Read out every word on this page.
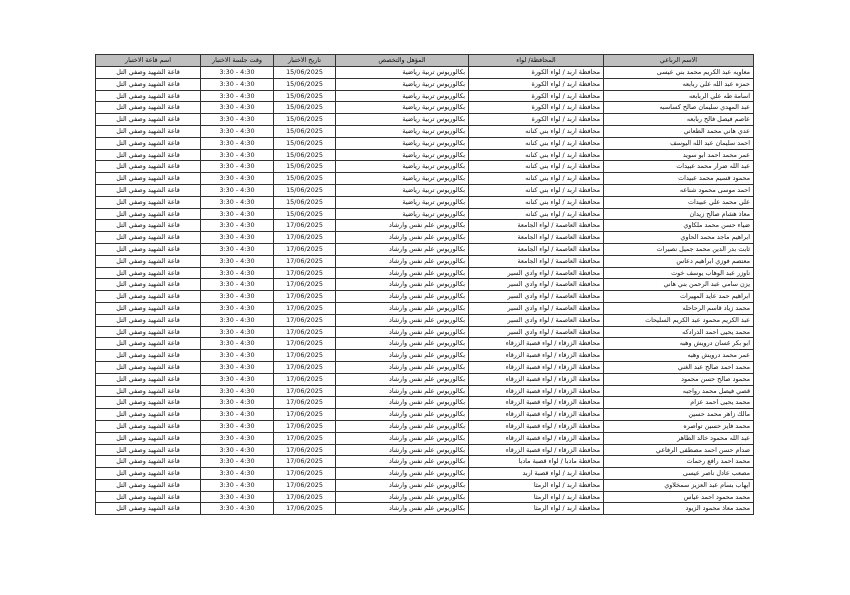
الاسم الرباعي	المحافظة/ لواء	المؤهل والتخصص	تاريخ الاختبار	وقت جلسة الاختبار	اسم قاعة الاختبار
معاويه عبد الكريم محمد بني عيسى	محافظة اربد / لواء الكورة	بكالوريوس تربية رياضية	15/06/2025	3:30 - 4:30	قاعة الشهيد وصفي التل
حمزه عبد الله علي ربابعه	محافظة اربد / لواء الكورة	بكالوريوس تربية رياضية	15/06/2025	3:30 - 4:30	قاعة الشهيد وصفي التل
اسامة طه علي الربابعه	محافظة اربد / لواء الكورة	بكالوريوس تربية رياضية	15/06/2025	3:30 - 4:30	قاعة الشهيد وصفي التل
عبد المهدي سليمان صالح كساسبه	محافظة اربد / لواء الكورة	بكالوريوس تربية رياضية	15/06/2025	3:30 - 4:30	قاعة الشهيد وصفي التل
عاصم فيصل فالح ربابعه	محافظة اربد / لواء الكورة	بكالوريوس تربية رياضية	15/06/2025	3:30 - 4:30	قاعة الشهيد وصفي التل
عدي هاني محمد الطعاني	محافظة اربد / لواء بني كنانه	بكالوريوس تربية رياضية	15/06/2025	3:30 - 4:30	قاعة الشهيد وصفي التل
احمد سليمان عبد الله اليوسف	محافظة اربد / لواء بني كنانه	بكالوريوس تربية رياضية	15/06/2025	3:30 - 4:30	قاعة الشهيد وصفي التل
عمر محمد احمد ابو سويد	محافظة اربد / لواء بني كنانه	بكالوريوس تربية رياضية	15/06/2025	3:30 - 4:30	قاعة الشهيد وصفي التل
عبد الله ضرار محمد عبيدات	محافظة اربد / لواء بني كنانه	بكالوريوس تربية رياضية	15/06/2025	3:30 - 4:30	قاعة الشهيد وصفي التل
محمود قسيم محمد عبيدات	محافظة اربد / لواء بني كنانه	بكالوريوس تربية رياضية	15/06/2025	3:30 - 4:30	قاعة الشهيد وصفي التل
احمد موسى محمود شناعه	محافظة اربد / لواء بني كنانه	بكالوريوس تربية رياضية	15/06/2025	3:30 - 4:30	قاعة الشهيد وصفي التل
علي محمد علي عبيدات	محافظة اربد / لواء بني كنانه	بكالوريوس تربية رياضية	15/06/2025	3:30 - 4:30	قاعة الشهيد وصفي التل
معاذ هشام صالح زيدان	محافظة اربد / لواء بني كنانه	بكالوريوس تربية رياضية	15/06/2025	3:30 - 4:30	قاعة الشهيد وصفي التل
ضياء حسن محمد ملكاوي	محافظة العاصمة / لواء الجامعة	بكالوريوس علم نفس وارشاد	17/06/2025	3:30 - 4:30	قاعة الشهيد وصفي التل
ابراهيم ماجد محمد الحاوي	محافظة العاصمة / لواء الجامعة	بكالوريوس علم نفس وارشاد	17/06/2025	3:30 - 4:30	قاعة الشهيد وصفي التل
ثابت بدر الدين محمد جميل نصيرات	محافظة العاصمة / لواء الجامعة	بكالوريوس علم نفس وارشاد	17/06/2025	3:30 - 4:30	قاعة الشهيد وصفي التل
معتصم فوزي ابراهيم دعاس	محافظة العاصمة / لواء الجامعة	بكالوريوس علم نفس وارشاد	17/06/2025	3:30 - 4:30	قاعة الشهيد وصفي التل
ناوزر عبد الوهاب يوسف خوت	محافظة العاصمة / لواء وادي السير	بكالوريوس علم نفس وارشاد	17/06/2025	3:30 - 4:30	قاعة الشهيد وصفي التل
يزن سامي عبد الرحمن بني هاني	محافظة العاصمة / لواء وادي السير	بكالوريوس علم نفس وارشاد	17/06/2025	3:30 - 4:30	قاعة الشهيد وصفي التل
ابراهيم حمد عايد المهيرات	محافظة العاصمة / لواء وادي السير	بكالوريوس علم نفس وارشاد	17/06/2025	3:30 - 4:30	قاعة الشهيد وصفي التل
محمد زياد قاسم الرحاحله	محافظة العاصمة / لواء وادي السير	بكالوريوس علم نفس وارشاد	17/06/2025	3:30 - 4:30	قاعة الشهيد وصفي التل
عبد الكريم محمود عبد الكريم السليحات	محافظة العاصمة / لواء وادي السير	بكالوريوس علم نفس وارشاد	17/06/2025	3:30 - 4:30	قاعة الشهيد وصفي التل
محمد يحيى احمد الدرادكه	محافظة العاصمة / لواء وادي السير	بكالوريوس علم نفس وارشاد	17/06/2025	3:30 - 4:30	قاعة الشهيد وصفي التل
ابو بكر غسان درويش وهبه	محافظة الزرقاء / لواء قصبة الزرقاء	بكالوريوس علم نفس وارشاد	17/06/2025	3:30 - 4:30	قاعة الشهيد وصفي التل
عمر محمد درويش وهبه	محافظة الزرقاء / لواء قصبة الزرقاء	بكالوريوس علم نفس وارشاد	17/06/2025	3:30 - 4:30	قاعة الشهيد وصفي التل
محمد احمد صالح عبد الغني	محافظة الزرقاء / لواء قصبة الزرقاء	بكالوريوس علم نفس وارشاد	17/06/2025	3:30 - 4:30	قاعة الشهيد وصفي التل
محمود صالح حسن محمود	محافظة الزرقاء / لواء قصبة الزرقاء	بكالوريوس علم نفس وارشاد	17/06/2025	3:30 - 4:30	قاعة الشهيد وصفي التل
قصي فيصل محمد رواجبه	محافظة الزرقاء / لواء قصبة الزرقاء	بكالوريوس علم نفس وارشاد	17/06/2025	3:30 - 4:30	قاعة الشهيد وصفي التل
محمد يحيى احمد عزام	محافظة الزرقاء / لواء قصبة الزرقاء	بكالوريوس علم نفس وارشاد	17/06/2025	3:30 - 4:30	قاعة الشهيد وصفي التل
مالك زاهر محمد حسين	محافظة الزرقاء / لواء قصبة الزرقاء	بكالوريوس علم نفس وارشاد	17/06/2025	3:30 - 4:30	قاعة الشهيد وصفي التل
محمد فايز حسين تواصره	محافظة الزرقاء / لواء قصبة الزرقاء	بكالوريوس علم نفس وارشاد	17/06/2025	3:30 - 4:30	قاعة الشهيد وصفي التل
عبد الله محمود خالد الطاهر	محافظة الزرقاء / لواء قصبة الزرقاء	بكالوريوس علم نفس وارشاد	17/06/2025	3:30 - 4:30	قاعة الشهيد وصفي التل
صدام حسن احمد مصطفى الرفاعي	محافظة الزرقاء / لواء قصبة الزرقاء	بكالوريوس علم نفس وارشاد	17/06/2025	3:30 - 4:30	قاعة الشهيد وصفي التل
محمد احمد رافع رحمات	محافظة مادبا / لواء قصبة مادبا	بكالوريوس علم نفس وارشاد	17/06/2025	3:30 - 4:30	قاعة الشهيد وصفي التل
مصعب عادل ناصر عيسى	محافظة اربد / لواء قصبة اربد	بكالوريوس علم نفس وارشاد	17/06/2025	3:30 - 4:30	قاعة الشهيد وصفي التل
ايهاب بسام عبد العزيز سمخلاوي	محافظة اربد / لواء الرمثا	بكالوريوس علم نفس وارشاد	17/06/2025	3:30 - 4:30	قاعة الشهيد وصفي التل
محمد محمود احمد عياس	محافظة اربد / لواء الرمثا	بكالوريوس علم نفس وارشاد	17/06/2025	3:30 - 4:30	قاعة الشهيد وصفي التل
محمد معاذ محمود الزيود	محافظة اربد / لواء الرمثا	بكالوريوس علم نفس وارشاد	17/06/2025	3:30 - 4:30	قاعة الشهيد وصفي التل
